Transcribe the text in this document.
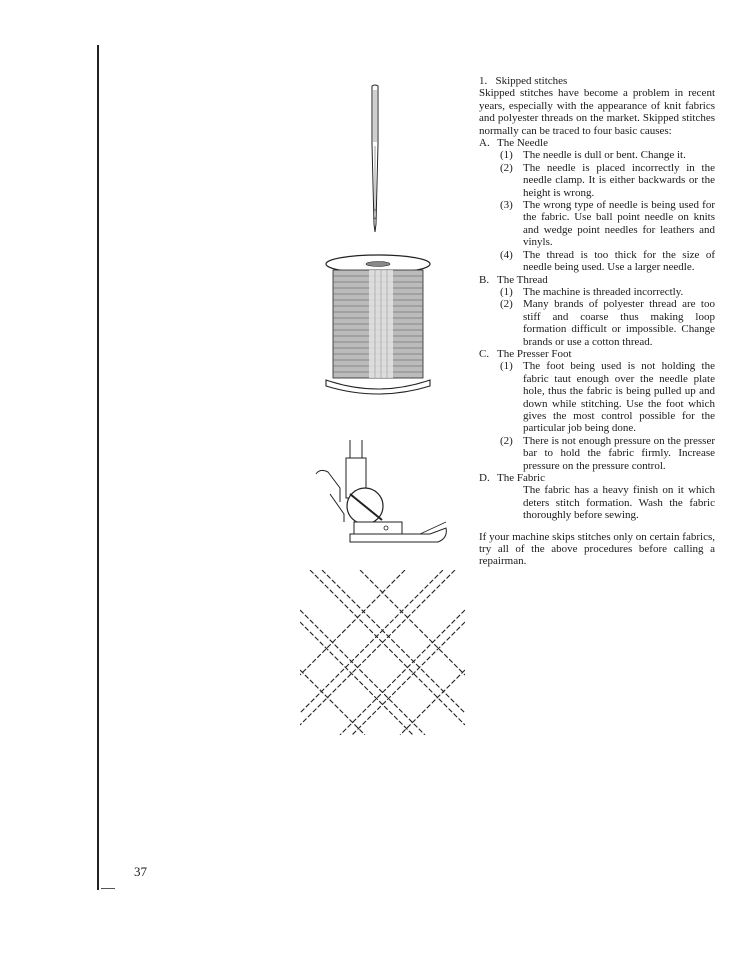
37

1. Skipped stitches

Skipped stitches have become a problem in recent years, especially with the appearance of knit fabrics and polyester threads on the market. Skipped stitches normally can be traced to four basic causes:

A. The Needle

(1) The needle is dull or bent. Change it.

(2) The needle is placed incorrectly in the needle clamp. It is either backwards or the height is wrong.

(3) The wrong type of needle is being used for the fabric. Use ball point needle on knits and wedge point needles for leathers and vinyls.

(4) The thread is too thick for the size of needle being used. Use a larger needle.

B. The Thread

(1) The machine is threaded incorrectly.

(2) Many brands of polyester thread are too stiff and coarse thus making loop formation difficult or impossible. Change brands or use a cotton thread.

C. The Presser Foot

(1) The foot being used is not holding the fabric taut enough over the needle plate hole, thus the fabric is being pulled up and down while stitching. Use the foot which gives the most control possible for the particular job being done.

(2) There is not enough pressure on the presser bar to hold the fabric firmly. Increase pressure on the pressure control.

D. The Fabric

The fabric has a heavy finish on it which deters stitch formation. Wash the fabric thoroughly before sewing.

If your machine skips stitches only on certain fabrics, try all of the above procedures before calling a repairman.
